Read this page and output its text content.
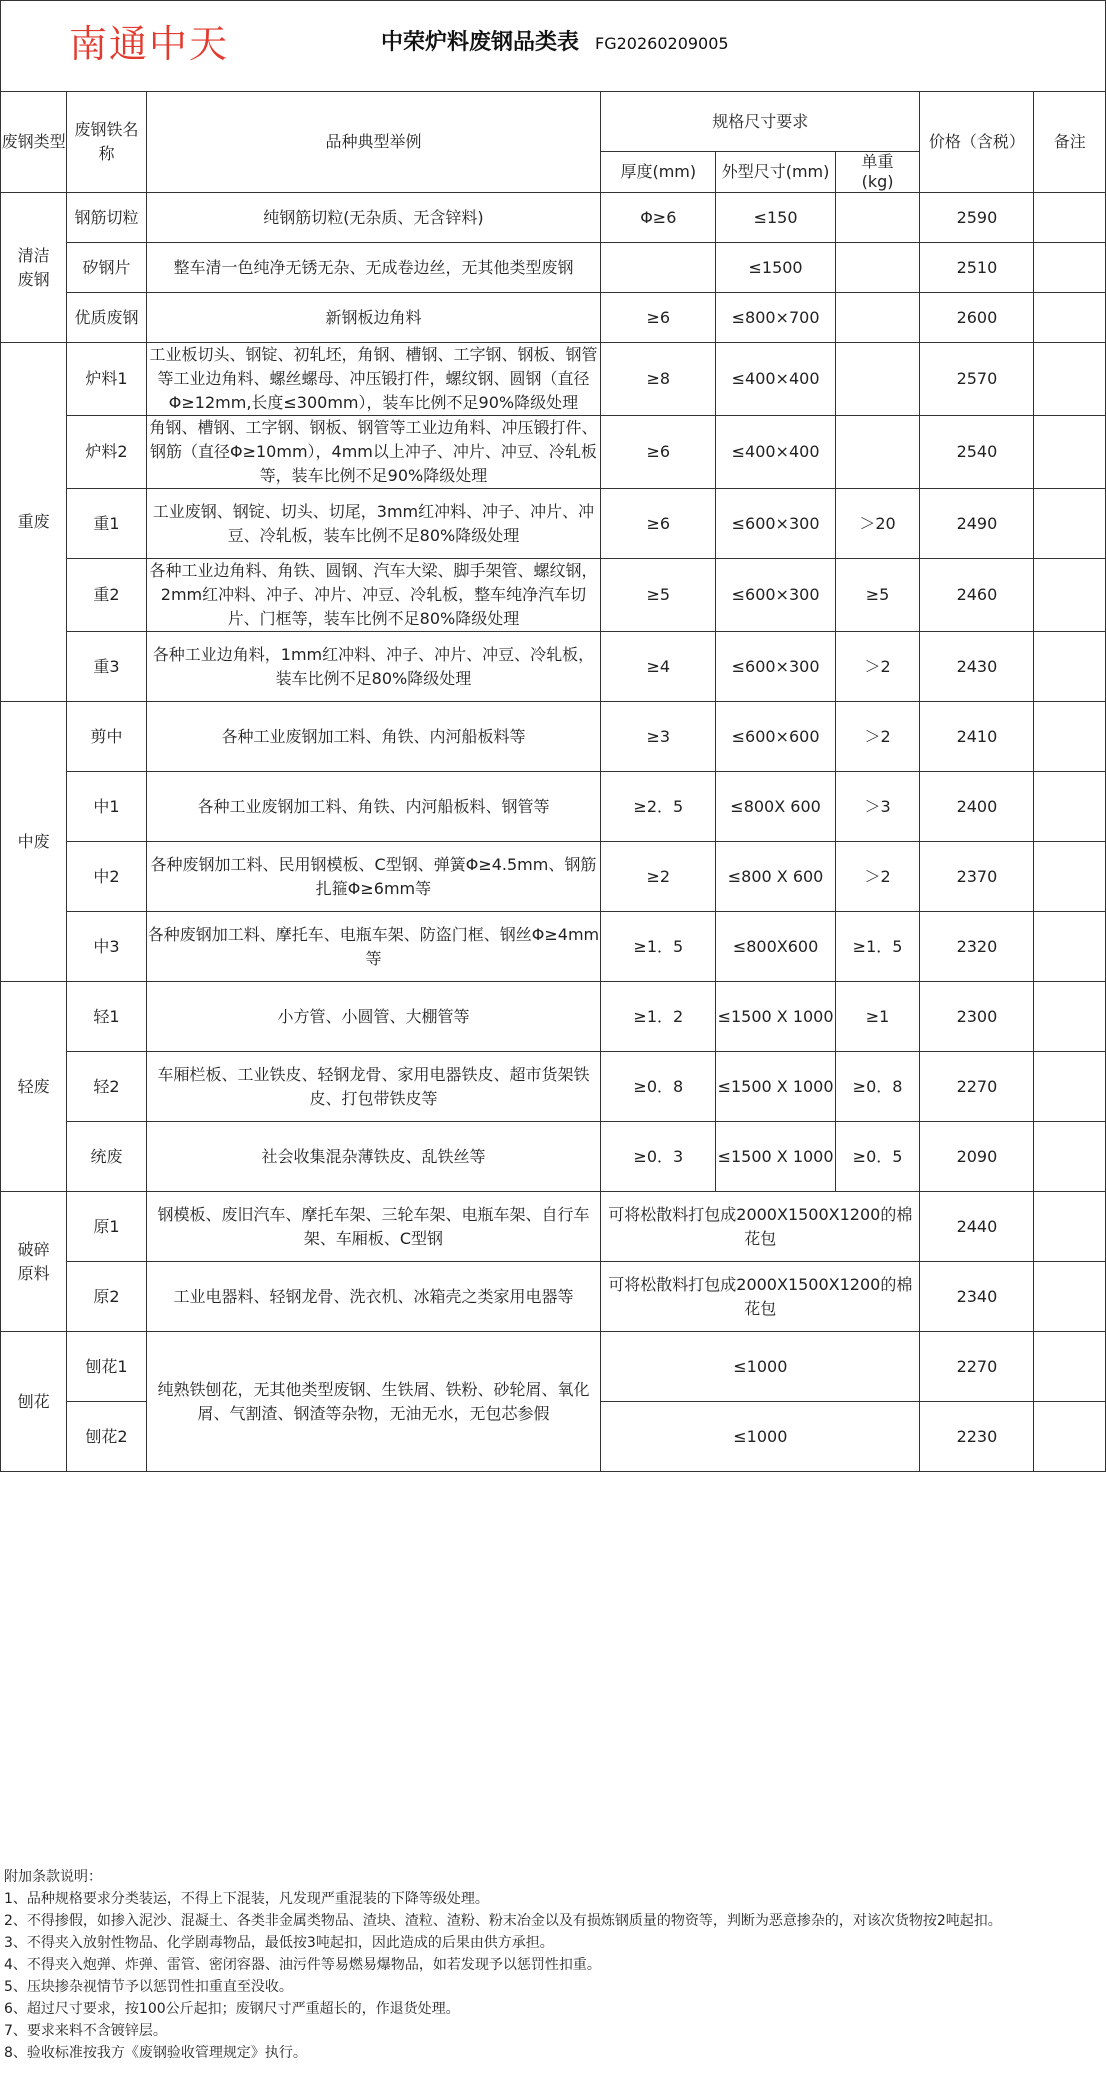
南通中天 中荣炉料废钢品类表 FG20260209005							

废钢类型	废钢铁名称	品种典型举例	规格尺寸要求			价格（含税）	备注
			厚度(mm)	外型尺寸(mm)	单重
(kg)		
清洁废钢	钢筋切粒	纯钢筋切粒(无杂质、无含锌料)	Φ≥6	≤150		2590	
	矽钢片	整车清一色纯净无锈无杂、无成卷边丝，无其他类型废钢		≤1500		2510	
	优质废钢	新钢板边角料	≥6	≤800×700		2600	
重废	炉料1	工业板切头、钢锭、初轧坯，角钢、槽钢、工字钢、钢板、钢管等工业边角料、螺丝螺母、冲压锻打件，螺纹钢、圆钢（直径Φ≥12mm,长度≤300mm），装车比例不足90%降级处理	≥8	≤400×400		2570	
	炉料2	角钢、槽钢、工字钢、钢板、钢管等工业边角料、冲压锻打件、钢筋（直径Φ≥10mm），4mm以上冲子、冲片、冲豆、冷轧板等，装车比例不足90%降级处理	≥6	≤400×400		2540	
	重1	工业废钢、钢锭、切头、切尾，3mm红冲料、冲子、冲片、冲豆、冷轧板，装车比例不足80%降级处理	≥6	≤600×300	＞20	2490	
	重2	各种工业边角料、角铁、圆钢、汽车大梁、脚手架管、螺纹钢，2mm红冲料、冲子、冲片、冲豆、冷轧板，整车纯净汽车切片、门框等，装车比例不足80%降级处理	≥5	≤600×300	≥5	2460	
	重3	各种工业边角料，1mm红冲料、冲子、冲片、冲豆、冷轧板，装车比例不足80%降级处理	≥4	≤600×300	＞2	2430	
中废	剪中	各种工业废钢加工料、角铁、内河船板料等	≥3	≤600×600	＞2	2410	
	中1	各种工业废钢加工料、角铁、内河船板料、钢管等	≥2．5	≤800X 600	＞3	2400	
	中2	各种废钢加工料、民用钢模板、C型钢、弹簧Φ≥4.5mm、钢筋扎箍Φ≥6mm等	≥2	≤800 X 600	＞2	2370	
	中3	各种废钢加工料、摩托车、电瓶车架、防盗门框、钢丝Φ≥4mm等	≥1．5	≤800X600	≥1．5	2320	
轻废	轻1	小方管、小圆管、大棚管等	≥1．2	≤1500 X 1000	≥1	2300	
	轻2	车厢栏板、工业铁皮、轻钢龙骨、家用电器铁皮、超市货架铁皮、打包带铁皮等	≥0．8	≤1500 X 1000	≥0．8	2270	
	统废	社会收集混杂薄铁皮、乱铁丝等	≥0．3	≤1500 X 1000	≥0．5	2090	
破碎原料	原1	钢模板、废旧汽车、摩托车架、三轮车架、电瓶车架、自行车架、车厢板、C型钢	可将松散料打包成2000X1500X1200的棉花包			2440	
	原2	工业电器料、轻钢龙骨、洗衣机、冰箱壳之类家用电器等	可将松散料打包成2000X1500X1200的棉花包			2340	
刨花	刨花1	纯熟铁刨花，无其他类型废钢、生铁屑、铁粉、砂轮屑、氧化屑、气割渣、钢渣等杂物，无油无水，无包芯参假	≤1000			2270	
	刨花2		≤1000			2230	
附加条款说明：
1、品种规格要求分类装运，不得上下混装，凡发现严重混装的下降等级处理。
2、不得掺假，如掺入泥沙、混凝土、各类非金属类物品、渣块、渣粒、渣粉、粉末冶金以及有损炼钢质量的物资等，判断为恶意掺杂的，对该次货物按2吨起扣。
3、不得夹入放射性物品、化学剧毒物品，最低按3吨起扣，因此造成的后果由供方承担。
4、不得夹入炮弹、炸弹、雷管、密闭容器、油污件等易燃易爆物品，如若发现予以惩罚性扣重。
5、压块掺杂视情节予以惩罚性扣重直至没收。
6、超过尺寸要求，按100公斤起扣；废钢尺寸严重超长的，作退货处理。
7、要求来料不含镀锌层。
8、验收标准按我方《废钢验收管理规定》执行。
